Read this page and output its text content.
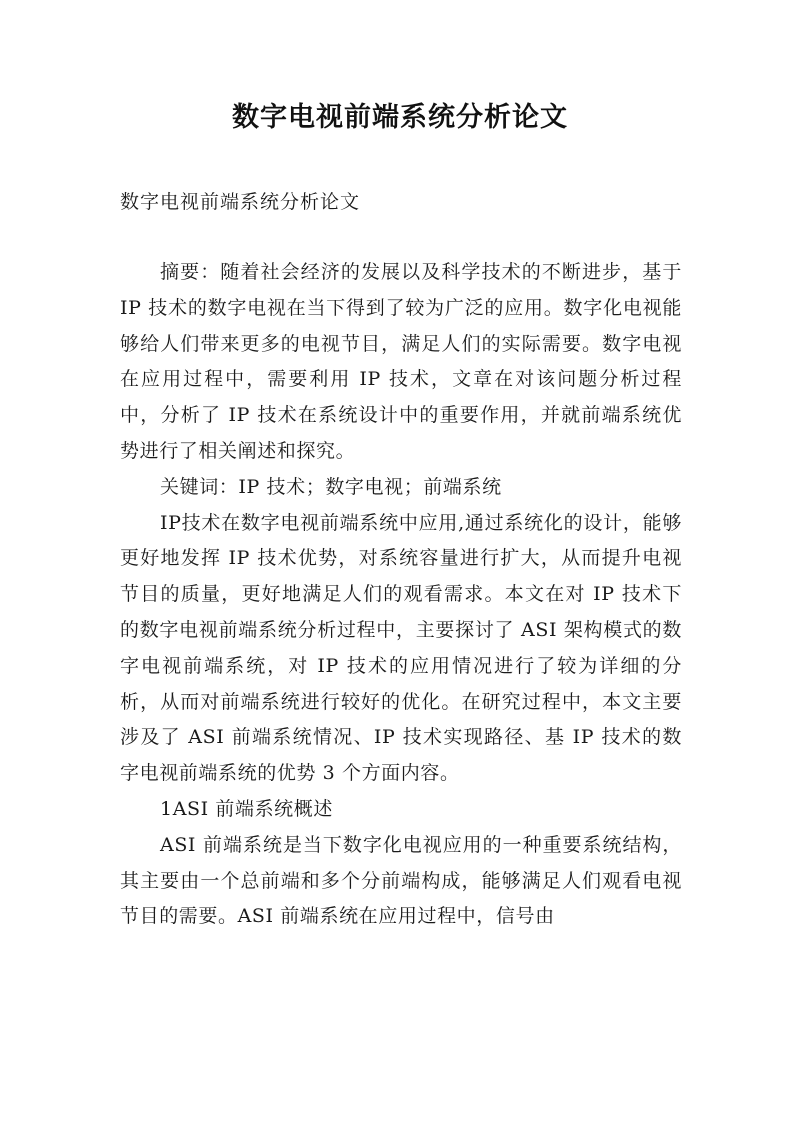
数字电视前端系统分析论文
数字电视前端系统分析论文

摘要：随着社会经济的发展以及科学技术的不断进步，基于 IP 技术的数字电视在当下得到了较为广泛的应用。数字化电视能够给人们带来更多的电视节目，满足人们的实际需要。数字电视在应用过程中，需要利用 IP 技术，文章在对该问题分析过程中，分析了 IP 技术在系统设计中的重要作用，并就前端系统优势进行了相关阐述和探究。

关键词：IP 技术；数字电视；前端系统

IP技术在数字电视前端系统中应用,通过系统化的设计，能够更好地发挥 IP 技术优势，对系统容量进行扩大，从而提升电视节目的质量，更好地满足人们的观看需求。本文在对 IP 技术下的数字电视前端系统分析过程中，主要探讨了 ASI 架构模式的数字电视前端系统，对 IP 技术的应用情况进行了较为详细的分析，从而对前端系统进行较好的优化。在研究过程中，本文主要涉及了 ASI 前端系统情况、IP 技术实现路径、基 IP 技术的数字电视前端系统的优势 3 个方面内容。

1ASI 前端系统概述

ASI 前端系统是当下数字化电视应用的一种重要系统结构，其主要由一个总前端和多个分前端构成，能够满足人们观看电视节目的需要。ASI 前端系统在应用过程中，信号由
